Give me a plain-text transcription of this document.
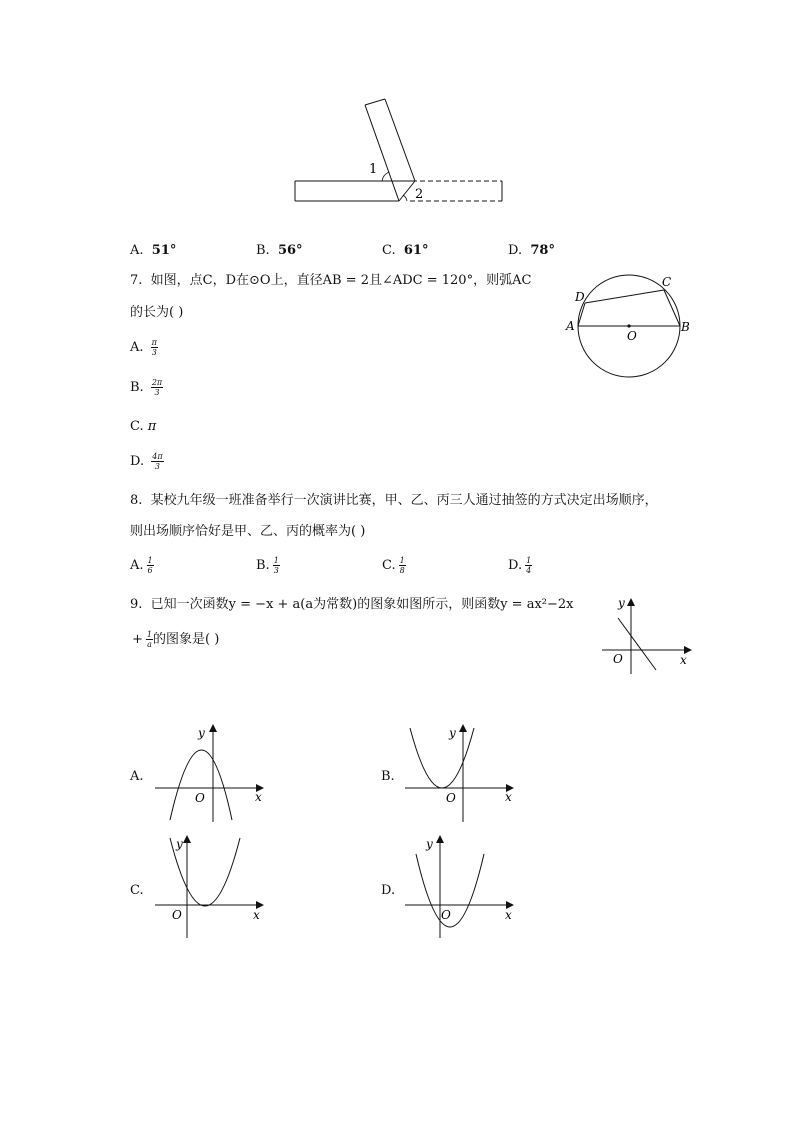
1
2
A. 51°	B. 56°	C. 61°	D. 78°
7. 如图，点C，D在⊙O上，直径AB = 2且∠ADC = 120°，则弧AC
的长为( )
A	B
C
D
O
A. $\frac{\pi}{3}$
B. $\frac{2\pi}{3}$
C. π
D. $\frac{4\pi}{3}$
8. 某校九年级一班准备举行一次演讲比赛，甲、乙、丙三人通过抽签的方式决定出场顺序，
则出场顺序恰好是甲、乙、丙的概率为( )
A. $\frac{1}{6}$	B. $\frac{1}{3}$	C. $\frac{1}{8}$	D. $\frac{1}{4}$
9. 已知一次函数y = −x + a(a为常数)的图象如图所示，则函数y = ax²−2x
+ $\frac{1}{a}$ 的图象是( )
y
x
O
A.
y
x
O
B.
y
x
O
C.
y
x
O
D.
y
x
O
